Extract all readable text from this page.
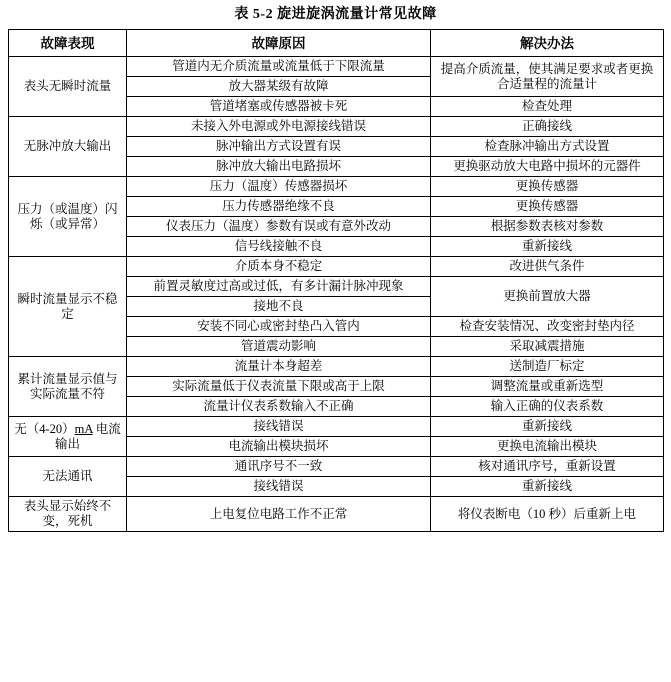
表 5-2 旋进旋涡流量计常见故障
故障表现	故障原因	解决办法
表头无瞬时流量	管道内无介质流量或流量低于下限流量	提高介质流量，使其满足要求或者更换合适量程的流量计
	放大器某级有故障	
	管道堵塞或传感器被卡死	检查处理
无脉冲放大输出	未接入外电源或外电源接线错误	正确接线
	脉冲输出方式设置有误	检查脉冲输出方式设置
	脉冲放大输出电路损坏	更换驱动放大电路中损坏的元器件
压力（或温度）闪烁（或异常）	压力（温度）传感器损坏	更换传感器
	压力传感器绝缘不良	更换传感器
	仪表压力（温度）参数有误或有意外改动	根据参数表核对参数
	信号线接触不良	重新接线
瞬时流量显示不稳定	介质本身不稳定	改进供气条件
	前置灵敏度过高或过低，有多计漏计脉冲现象	更换前置放大器
	接地不良	
	安装不同心或密封垫凸入管内	检查安装情况、改变密封垫内径
	管道震动影响	采取减震措施
累计流量显示值与实际流量不符	流量计本身超差	送制造厂标定
	实际流量低于仪表流量下限或高于上限	调整流量或重新选型
	流量计仪表系数输入不正确	输入正确的仪表系数
无（4-20）mA 电流输出	接线错误	重新接线
	电流输出模块损坏	更换电流输出模块
无法通讯	通讯序号不一致	核对通讯序号，重新设置
	接线错误	重新接线
表头显示始终不变，死机	上电复位电路工作不正常	将仪表断电（10 秒）后重新上电
